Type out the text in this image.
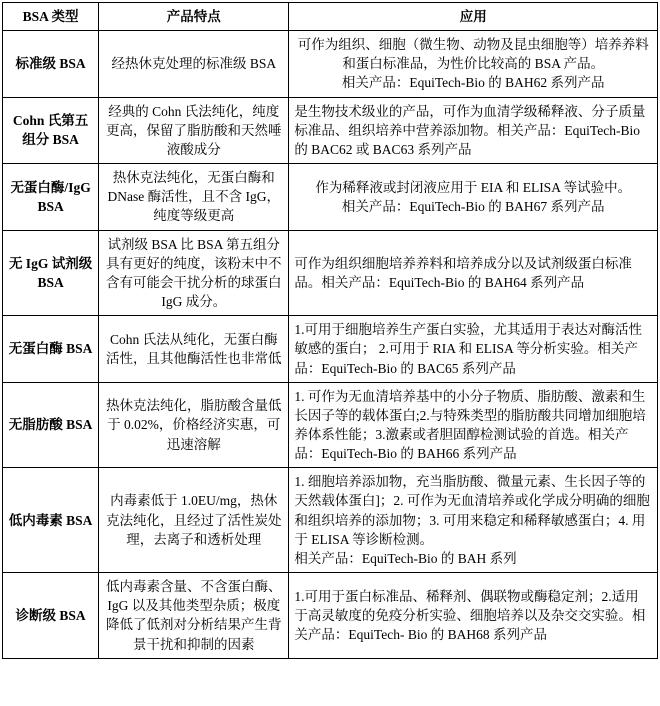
BSA 类型	产品特点	应用
标准级 BSA	经热休克处理的标准级 BSA	可作为组织、细胞（微生物、动物及昆虫细胞等）培养养料和蛋白标准品，为性价比较高的 BSA 产品。
相关产品：EquiTech-Bio 的 BAH62 系列产品

Cohn 氏第五组分 BSA	经典的 Cohn 氏法纯化，纯度更高，保留了脂肪酸和天然唾液酸成分	是生物技术级业的产品，可作为血清学级稀释液、分子质量标准品、组织培养中营养添加物。相关产品：EquiTech-Bio 的 BAC62 或 BAC63 系列产品

无蛋白酶/IgG BSA	热休克法纯化，无蛋白酶和 DNase 酶活性，且不含 IgG，纯度等级更高	作为稀释液或封闭液应用于 EIA 和 ELISA 等试验中。
相关产品：EquiTech-Bio 的 BAH67 系列产品

无 IgG 试剂级 BSA	试剂级 BSA 比 BSA 第五组分具有更好的纯度，该粉末中不含有可能会干扰分析的球蛋白 IgG 成分。	可作为组织细胞培养养料和培养成分以及试剂级蛋白标准品。相关产品：EquiTech-Bio 的 BAH64 系列产品

无蛋白酶 BSA	Cohn 氏法从纯化，无蛋白酶活性，且其他酶活性也非常低	1.可用于细胞培养生产蛋白实验，尤其适用于表达对酶活性敏感的蛋白； 2.可用于 RIA 和 ELISA 等分析实验。相关产品：EquiTech-Bio 的 BAC65 系列产品

无脂肪酸 BSA	热休克法纯化，脂肪酸含量低于 0.02%，价格经济实惠，可迅速溶解	1. 可作为无血清培养基中的小分子物质、脂肪酸、激素和生长因子等的载体蛋白;2.与特殊类型的脂肪酸共同增加细胞培养体系性能；3.激素或者胆固醇检测试验的首选。相关产品：EquiTech-Bio 的 BAH66 系列产品

低内毒素 BSA	内毒素低于 1.0EU/mg，热休克法纯化，且经过了活性炭处理，去离子和透析处理	1. 细胞培养添加物，充当脂肪酸、微量元素、生长因子等的天然载体蛋白]；2. 可作为无血清培养或化学成分明确的细胞和组织培养的添加物；3. 可用来稳定和稀释敏感蛋白；4. 用于 ELISA 等诊断检测。
相关产品：EquiTech-Bio 的 BAH 系列

诊断级 BSA	低内毒素含量、不含蛋白酶、IgG 以及其他类型杂质；极度降低了低剂对分析结果产生背景干扰和抑制的因素	1.可用于蛋白标准品、稀释剂、偶联物或酶稳定剂；2.适用于高灵敏度的免疫分析实验、细胞培养以及杂交交实验。相关产品：EquiTech- Bio 的 BAH68 系列产品
